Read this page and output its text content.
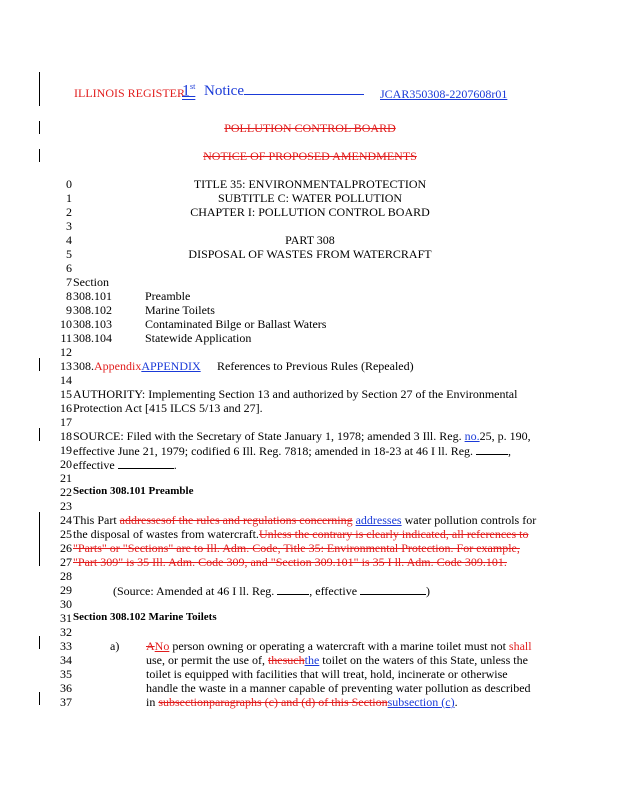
ILLINOIS REGISTER
1st Notice	JCAR350308-2207608r01
POLLUTION CONTROL BOARD
NOTICE OF PROPOSED AMENDMENTS
0
1
2
3
4
5
6
7
8
9
10
11
12
13
14
15
16
17
18
19
20
21
22
23
24
25
26
27
28
29
30
31
32
33
34
35
36
37
TITLE 35: ENVIRONMENTALPROTECTION
SUBTITLE C: WATER POLLUTION
CHAPTER I: POLLUTION CONTROL BOARD
PART 308
DISPOSAL OF WASTES FROM WATERCRAFT
Section
308.101	Preamble
308.102	Marine Toilets
308.103	Contaminated Bilge or Ballast Waters
308.104	Statewide Application
308.AppendixAPPENDIX References to Previous Rules (Repealed)
AUTHORITY: Implementing Section 13 and authorized by Section 27 of the Environmental
Protection Act [415 ILCS 5/13 and 27].
SOURCE: Filed with the Secretary of State January 1, 1978; amended 3 Ill. Reg. no.25, p. 190,
effective June 21, 1979; codified 6 Ill. Reg. 7818; amended in 18-23 at 46 I ll. Reg.	,
effective	.
Section 308.101 Preamble
This Part addressesof the rules and regulations concerning addresses water pollution controls for
the disposal of wastes from watercraft.Unless the contrary is clearly indicated, all references to
"Parts" or "Sections" are to Ill. Adm. Code, Title 35: Environmental Protection. For example,
"Part 309" is 35 Ill. Adm. Code 309, and "Section 309.101" is 35 I ll. Adm. Code 309.101.
(Source: Amended at 46 I ll. Reg.	, effective	)
Section 308.102 Marine Toilets
a) ANo person owning or operating a watercraft with a marine toilet must not shall
use, or permit the use of, thesuchthe toilet on the waters of this State, unless the
toilet is equipped with facilities that will treat, hold, incinerate or otherwise
handle the waste in a manner capable of preventing water pollution as described
in subsectionparagraphs (c) and (d) of this Sectionsubsection (c).
